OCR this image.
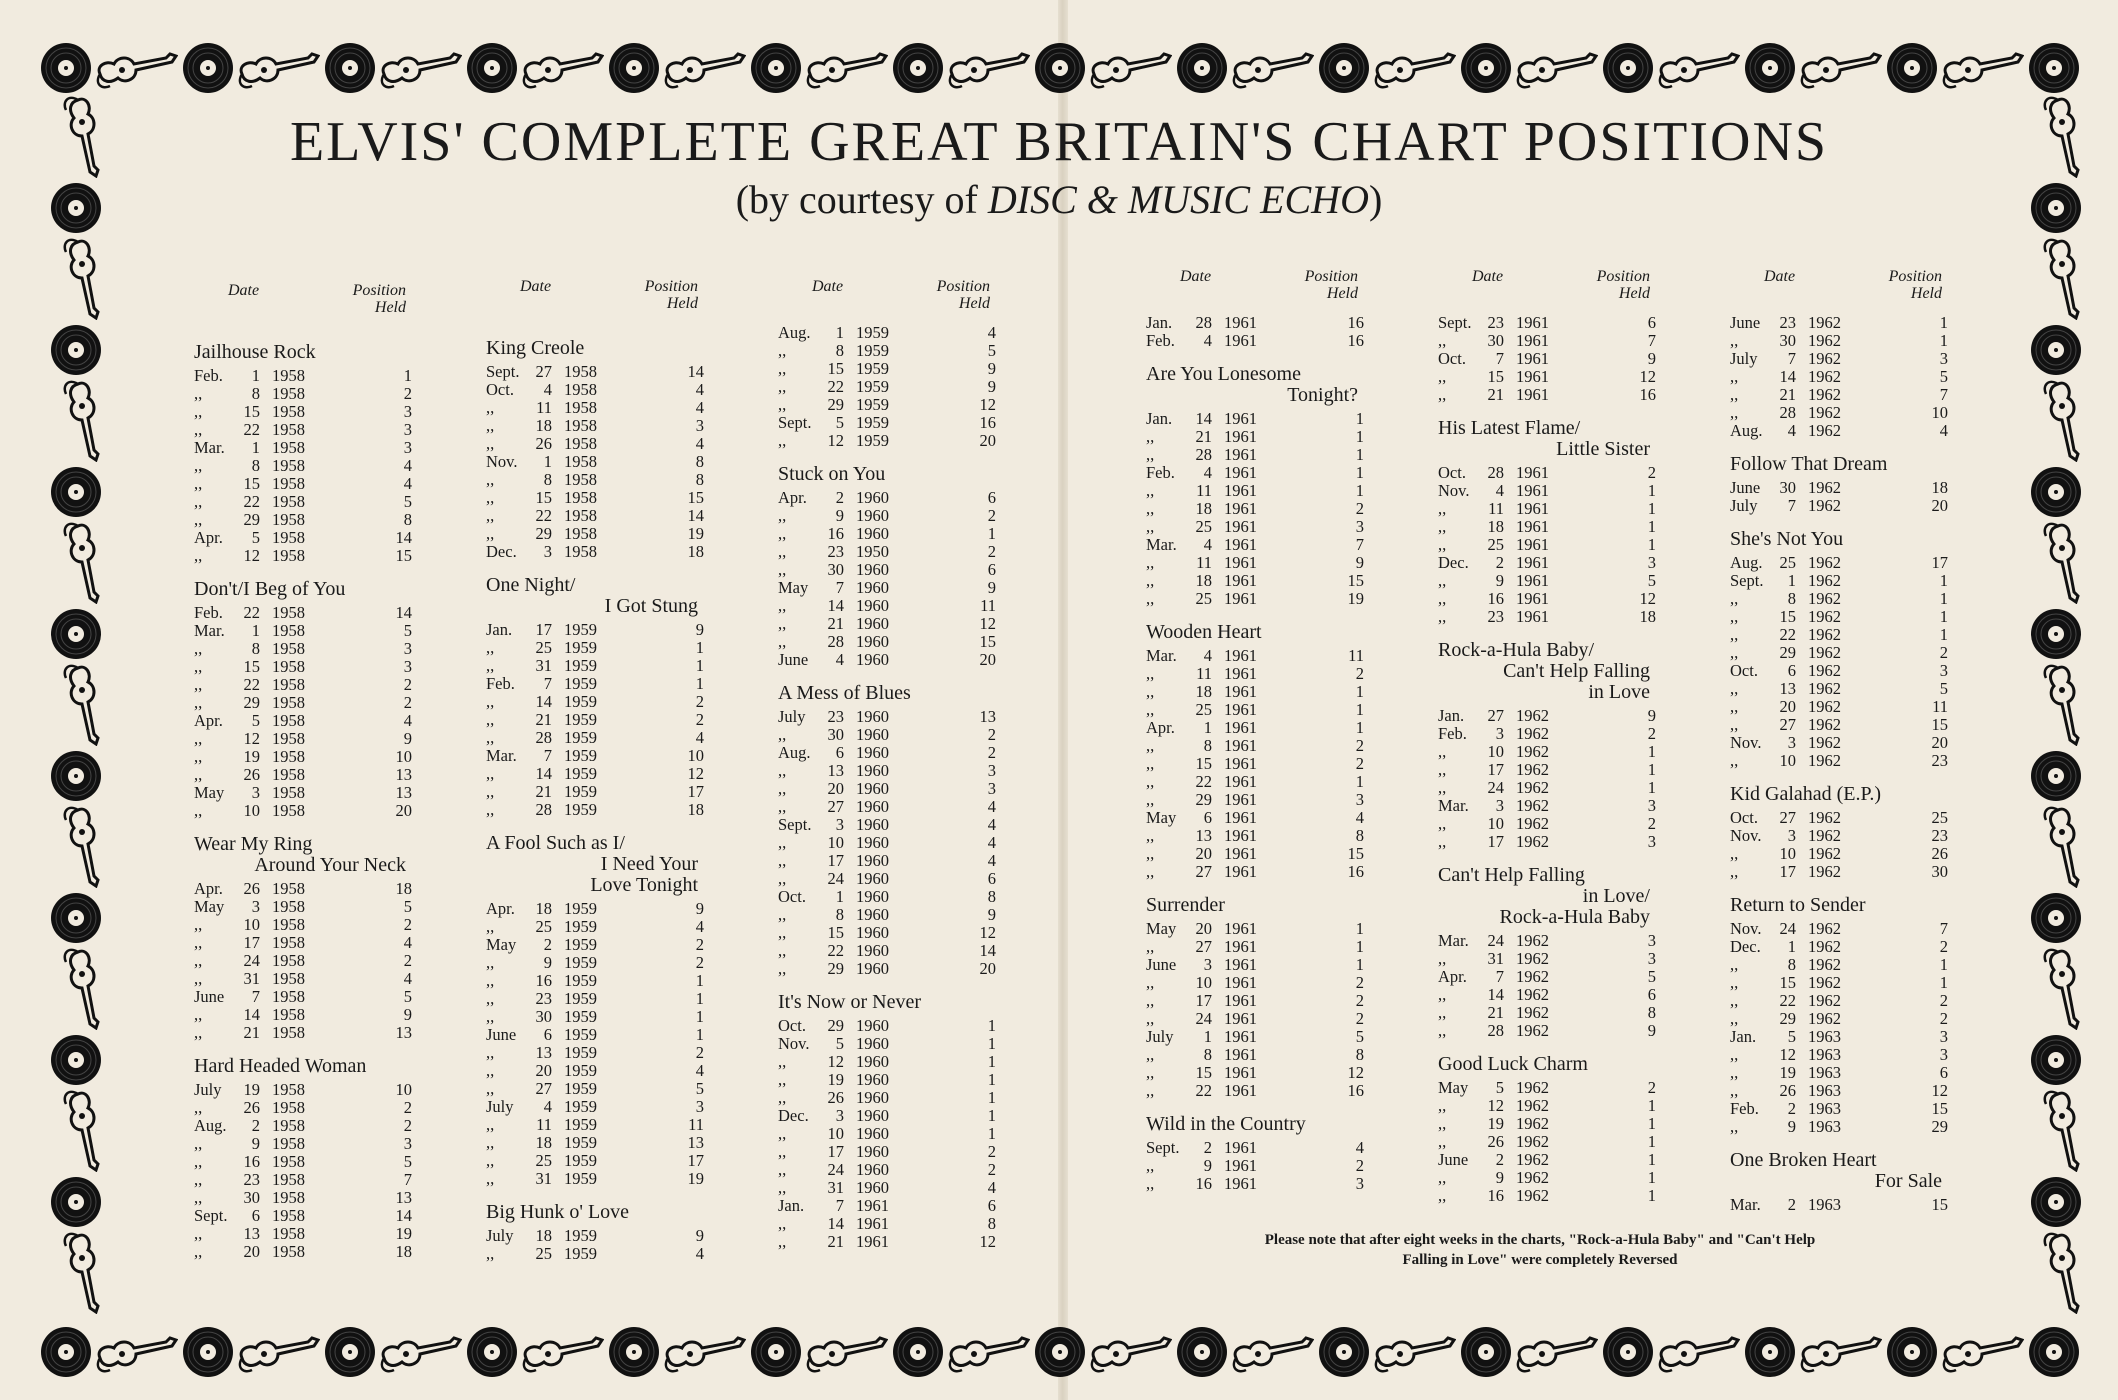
ELVIS' COMPLETE GREAT BRITAIN'S CHART POSITIONS

(by courtesy of DISC & MUSIC ECHO)

Date	Position
Held
Jailhouse Rock
Feb.	1 1958	1
,,	8 1958	2
,,	15 1958	3
,,	22 1958	3
Mar.	1 1958	3
,,	8 1958	4
,,	15 1958	4
,,	22 1958	5
,,	29 1958	8
Apr.	5 1958	14
,,	12 1958	15
Don't/I Beg of You
Feb.	22 1958	14
Mar.	1 1958	5
,,	8 1958	3
,,	15 1958	3
,,	22 1958	2
,,	29 1958	2
Apr.	5 1958	4
,,	12 1958	9
,,	19 1958	10
,,	26 1958	13
May	3 1958	13
,,	10 1958	20
Wear My Ring
Around Your Neck
Apr.	26 1958	18
May	3 1958	5
,,	10 1958	2
,,	17 1958	4
,,	24 1958	2
,,	31 1958	4
June	7 1958	5
,,	14 1958	9
,,	21 1958	13
Hard Headed Woman
July	19 1958	10
,,	26 1958	2
Aug.	2 1958	2
,,	9 1958	3
,,	16 1958	5
,,	23 1958	7
,,	30 1958	13
Sept.	6 1958	14
,,	13 1958	19
,,	20 1958	18
Date	Position
Held
King Creole
Sept. 27 1958	14
Oct.	4 1958	4
,,	11 1958	4
,,	18 1958	3
,,	26 1958	4
Nov.	1 1958	8
,,	8 1958	8
,,	15 1958	15
,,	22 1958	14
,,	29 1958	19
Dec.	3 1958	18
One Night/
I Got Stung
Jan.	17 1959	9
,,	25 1959	1
,,	31 1959	1
Feb.	7 1959	1
,,	14 1959	2
,,	21 1959	2
,,	28 1959	4
Mar.	7 1959	10
,,	14 1959	12
,,	21 1959	17
,,	28 1959	18
A Fool Such as I/
I Need Your
Love Tonight
Apr.	18 1959	9
,,	25 1959	4
May	2 1959	2
,,	9 1959	2
,,	16 1959	1
,,	23 1959	1
,,	30 1959	1
June	6 1959	1
,,	13 1959	2
,,	20 1959	4
,,	27 1959	5
July	4 1959	3
,,	11 1959	11
,,	18 1959	13
,,	25 1959	17
,,	31 1959	19
Big Hunk o' Love
July	18 1959	9
,,	25 1959	4
Date	Position
Held
Aug.	1 1959	4
,,	8 1959	5
,,	15 1959	9
,,	22 1959	9
,,	29 1959	12
Sept.	5 1959	16
,,	12 1959	20
Stuck on You
Apr.	2 1960	6
,,	9 1960	2
,,	16 1960	1
,,	23 1950	2
,,	30 1960	6
May	7 1960	9
,,	14 1960	11
,,	21 1960	12
,,	28 1960	15
June	4 1960	20
A Mess of Blues
July	23 1960	13
,,	30 1960	2
Aug.	6 1960	2
,,	13 1960	3
,,	20 1960	3
,,	27 1960	4
Sept.	3 1960	4
,,	10 1960	4
,,	17 1960	4
,,	24 1960	6
Oct.	1 1960	8
,,	8 1960	9
,,	15 1960	12
,,	22 1960	14
,,	29 1960	20
It's Now or Never
Oct.	29 1960	1
Nov.	5 1960	1
,,	12 1960	1
,,	19 1960	1
,,	26 1960	1
Dec.	3 1960	1
,,	10 1960	1
,,	17 1960	2
,,	24 1960	2
,,	31 1960	4
Jan.	7 1961	6
,,	14 1961	8
,,	21 1961	12
Date	Position
Held
Jan.	28 1961	16
Feb.	4 1961	16
Are You Lonesome
Tonight?
Jan.	14 1961	1
,,	21 1961	1
,,	28 1961	1
Feb.	4 1961	1
,,	11 1961	1
,,	18 1961	2
,,	25 1961	3
Mar.	4 1961	7
,,	11 1961	9
,,	18 1961	15
,,	25 1961	19
Wooden Heart
Mar.	4 1961	11
,,	11 1961	2
,,	18 1961	1
,,	25 1961	1
Apr.	1 1961	1
,,	8 1961	2
,,	15 1961	2
,,	22 1961	1
,,	29 1961	3
May	6 1961	4
,,	13 1961	8
,,	20 1961	15
,,	27 1961	16
Surrender
May	20 1961	1
,,	27 1961	1
June	3 1961	1
,,	10 1961	2
,,	17 1961	2
,,	24 1961	2
July	1 1961	5
,,	8 1961	8
,,	15 1961	12
,,	22 1961	16
Wild in the Country
Sept.	2 1961	4
,,	9 1961	2
,,	16 1961	3
Date	Position
Held
Sept. 23 1961	6
,,	30 1961	7
Oct.	7 1961	9
,,	15 1961	12
,,	21 1961	16
His Latest Flame/
Little Sister
Oct.	28 1961	2
Nov.	4 1961	1
,,	11 1961	1
,,	18 1961	1
,,	25 1961	1
Dec.	2 1961	3
,,	9 1961	5
,,	16 1961	12
,,	23 1961	18
Rock-a-Hula Baby/
Can't Help Falling
in Love
Jan.	27 1962	9
Feb.	3 1962	2
,,	10 1962	1
,,	17 1962	1
,,	24 1962	1
Mar.	3 1962	3
,,	10 1962	2
,,	17 1962	3
Can't Help Falling
in Love/
Rock-a-Hula Baby
Mar.	24 1962	3
,,	31 1962	3
Apr.	7 1962	5
,,	14 1962	6
,,	21 1962	8
,,	28 1962	9
Good Luck Charm
May	5 1962	2
,,	12 1962	1
,,	19 1962	1
,,	26 1962	1
June	2 1962	1
,,	9 1962	1
,,	16 1962	1
Date	Position
Held
June	23 1962	1
,,	30 1962	1
July	7 1962	3
,,	14 1962	5
,,	21 1962	7
,,	28 1962	10
Aug.	4 1962	4
Follow That Dream
June	30 1962	18
July	7 1962	20
She's Not You
Aug.	25 1962	17
Sept.	1 1962	1
,,	8 1962	1
,,	15 1962	1
,,	22 1962	1
,,	29 1962	2
Oct.	6 1962	3
,,	13 1962	5
,,	20 1962	11
,,	27 1962	15
Nov.	3 1962	20
,,	10 1962	23
Kid Galahad (E.P.)
Oct.	27 1962	25
Nov.	3 1962	23
,,	10 1962	26
,,	17 1962	30
Return to Sender
Nov.	24 1962	7
Dec.	1 1962	2
,,	8 1962	1
,,	15 1962	1
,,	22 1962	2
,,	29 1962	2
Jan.	5 1963	3
,,	12 1963	3
,,	19 1963	6
,,	26 1963	12
Feb.	2 1963	15
,,	9 1963	29
One Broken Heart
For Sale
Mar.	2 1963	15
Please note that after eight weeks in the charts, "Rock-a-Hula Baby" and "Can't Help Falling in Love" were completely Reversed
